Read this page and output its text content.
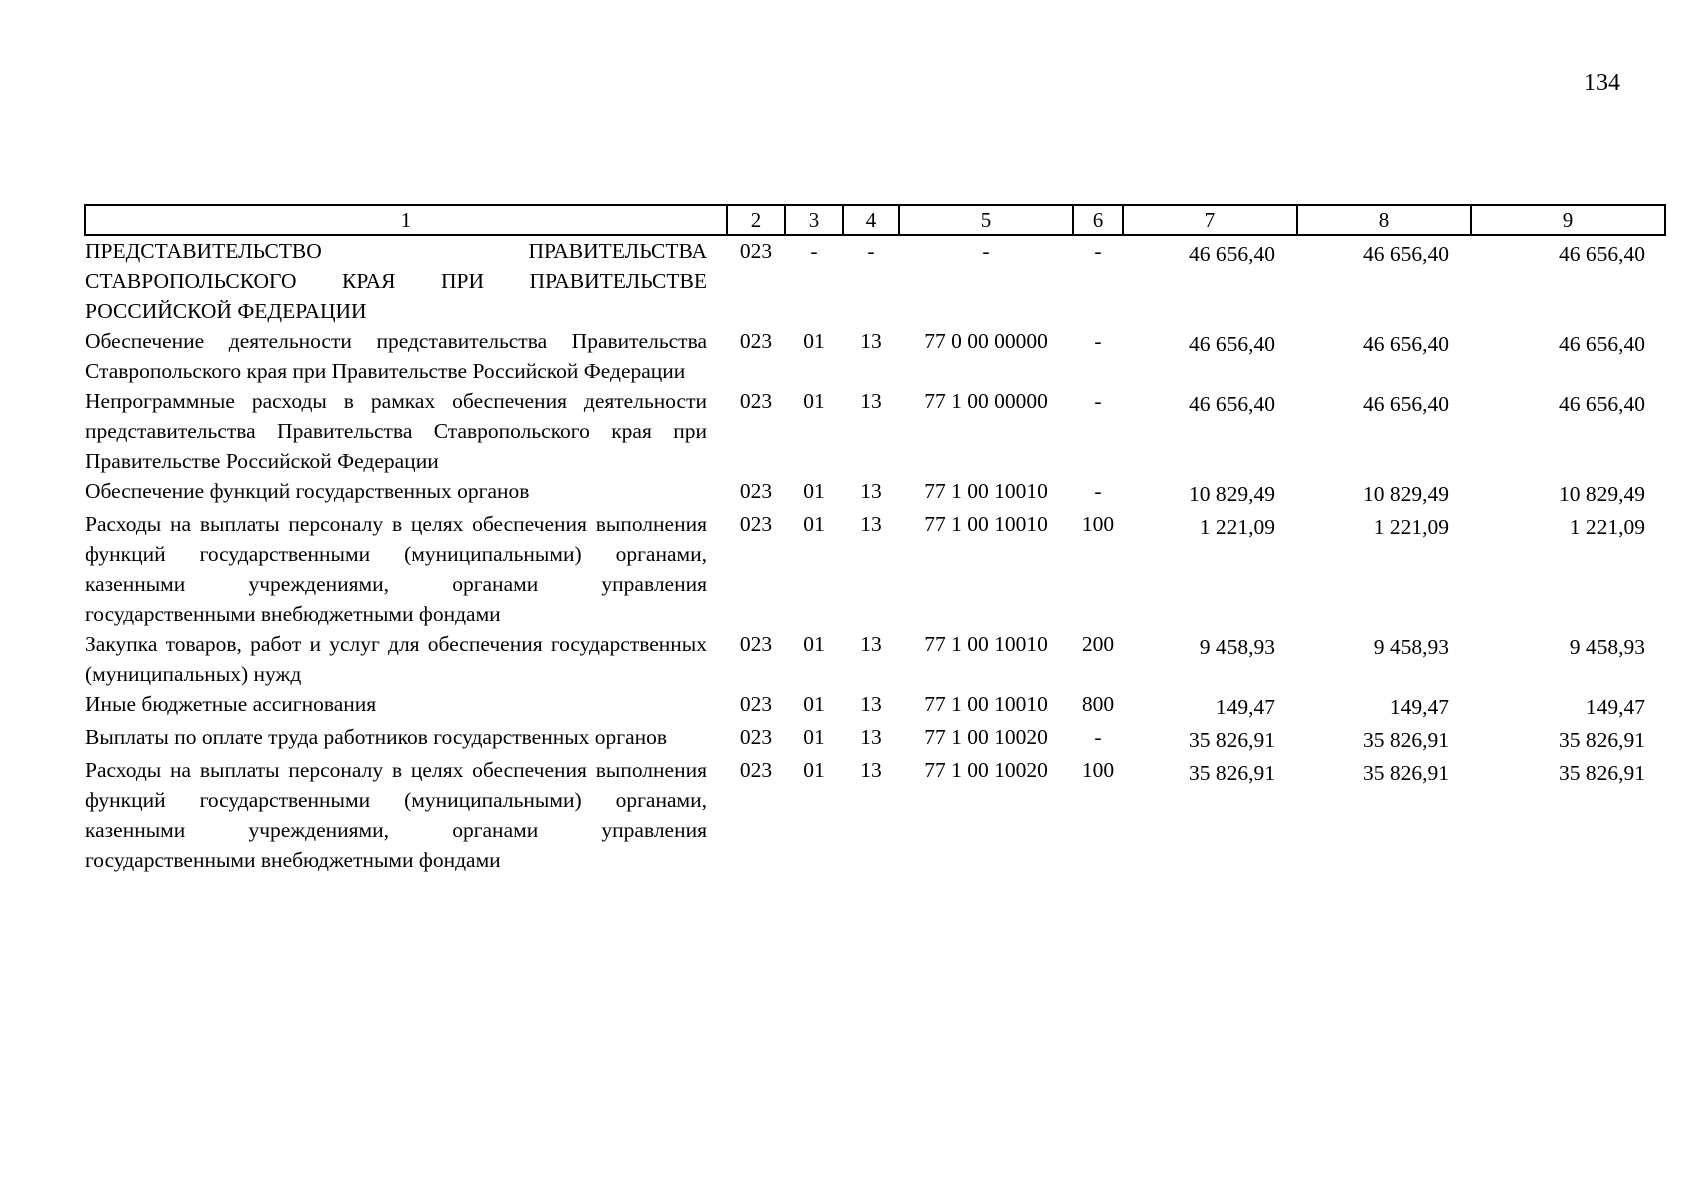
134
1	2	3	4	5	6	7	8	9
ПРЕДСТАВИТЕЛЬСТВО ПРАВИТЕЛЬСТВА СТАВРОПОЛЬСКОГО КРАЯ ПРИ ПРАВИТЕЛЬСТВЕ РОССИЙСКОЙ ФЕДЕРАЦИИ	023	-	-	-	-	46 656,40	46 656,40	46 656,40
Обеспечение деятельности представительства Правительства Ставропольского края при Правительстве Российской Федерации	023	01	13	77 0 00 00000	-	46 656,40	46 656,40	46 656,40
Непрограммные расходы в рамках обеспечения деятельности представительства Правительства Ставропольского края при Правительстве Российской Федерации	023	01	13	77 1 00 00000	-	46 656,40	46 656,40	46 656,40
Обеспечение функций государственных органов	023	01	13	77 1 00 10010	-	10 829,49	10 829,49	10 829,49
Расходы на выплаты персоналу в целях обеспечения выполнения функций государственными (муниципальными) органами, казенными учреждениями, органами управления государственными внебюджетными фондами	023	01	13	77 1 00 10010	100	1 221,09	1 221,09	1 221,09
Закупка товаров, работ и услуг для обеспечения государственных (муниципальных) нужд	023	01	13	77 1 00 10010	200	9 458,93	9 458,93	9 458,93
Иные бюджетные ассигнования	023	01	13	77 1 00 10010	800	149,47	149,47	149,47
Выплаты по оплате труда работников государственных органов	023	01	13	77 1 00 10020	-	35 826,91	35 826,91	35 826,91
Расходы на выплаты персоналу в целях обеспечения выполнения функций государственными (муниципальными) органами, казенными учреждениями, органами управления государственными внебюджетными фондами	023	01	13	77 1 00 10020	100	35 826,91	35 826,91	35 826,91
